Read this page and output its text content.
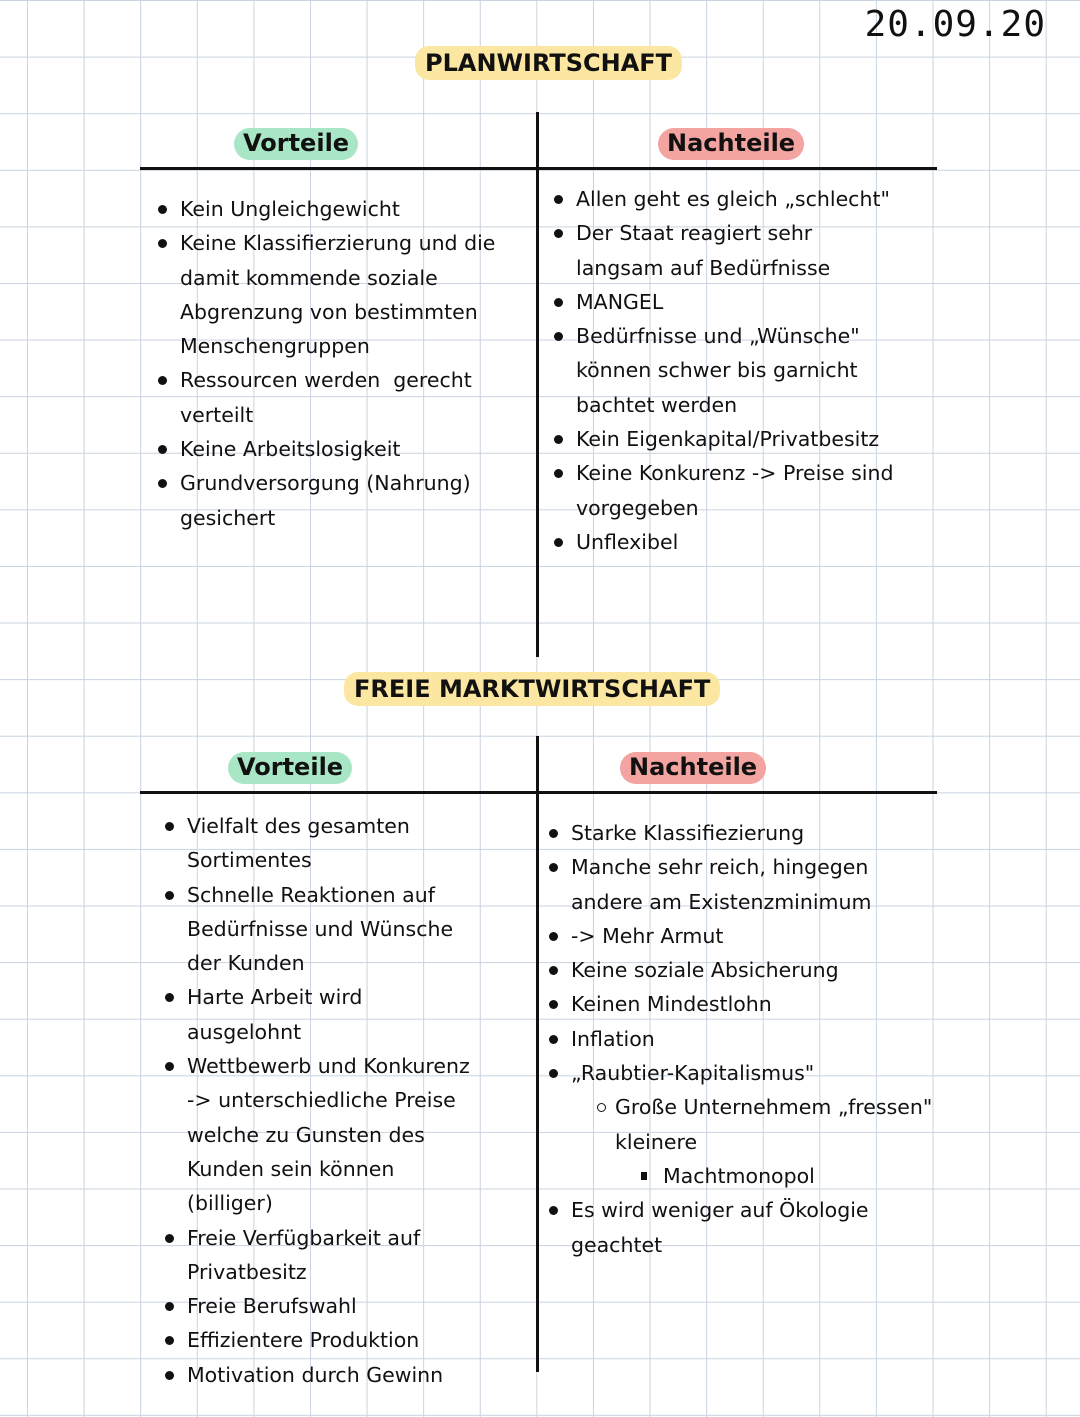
20.09.20
PLANWIRTSCHAFT
Vorteile	Nachteile
Kein Ungleichgewicht
Keine Klassifierzierung und die
damit kommende soziale
Abgrenzung von bestimmten
Menschengruppen
Ressourcen werden  gerecht
verteilt
Keine Arbeitslosigkeit
Grundversorgung (Nahrung)
gesichert
Allen geht es gleich „schlecht"
Der Staat reagiert sehr
langsam auf Bedürfnisse
MANGEL
Bedürfnisse und „Wünsche"
können schwer bis garnicht
bachtet werden
Kein Eigenkapital/Privatbesitz
Keine Konkurenz -> Preise sind
vorgegeben
Unflexibel
FREIE MARKTWIRTSCHAFT
Vorteile	Nachteile
Vielfalt des gesamten
Sortimentes
Schnelle Reaktionen auf
Bedürfnisse und Wünsche
der Kunden
Harte Arbeit wird
ausgelohnt
Wettbewerb und Konkurenz
-> unterschiedliche Preise
welche zu Gunsten des
Kunden sein können
(billiger)
Freie Verfügbarkeit auf
Privatbesitz
Freie Berufswahl
Effizientere Produktion
Motivation durch Gewinn
Starke Klassifiezierung
Manche sehr reich, hingegen
andere am Existenzminimum
-> Mehr Armut
Keine soziale Absicherung
Keinen Mindestlohn
Inflation
„Raubtier-Kapitalismus"
Große Unternehmem „fressen"
kleinere
Machtmonopol
Es wird weniger auf Ökologie
geachtet
